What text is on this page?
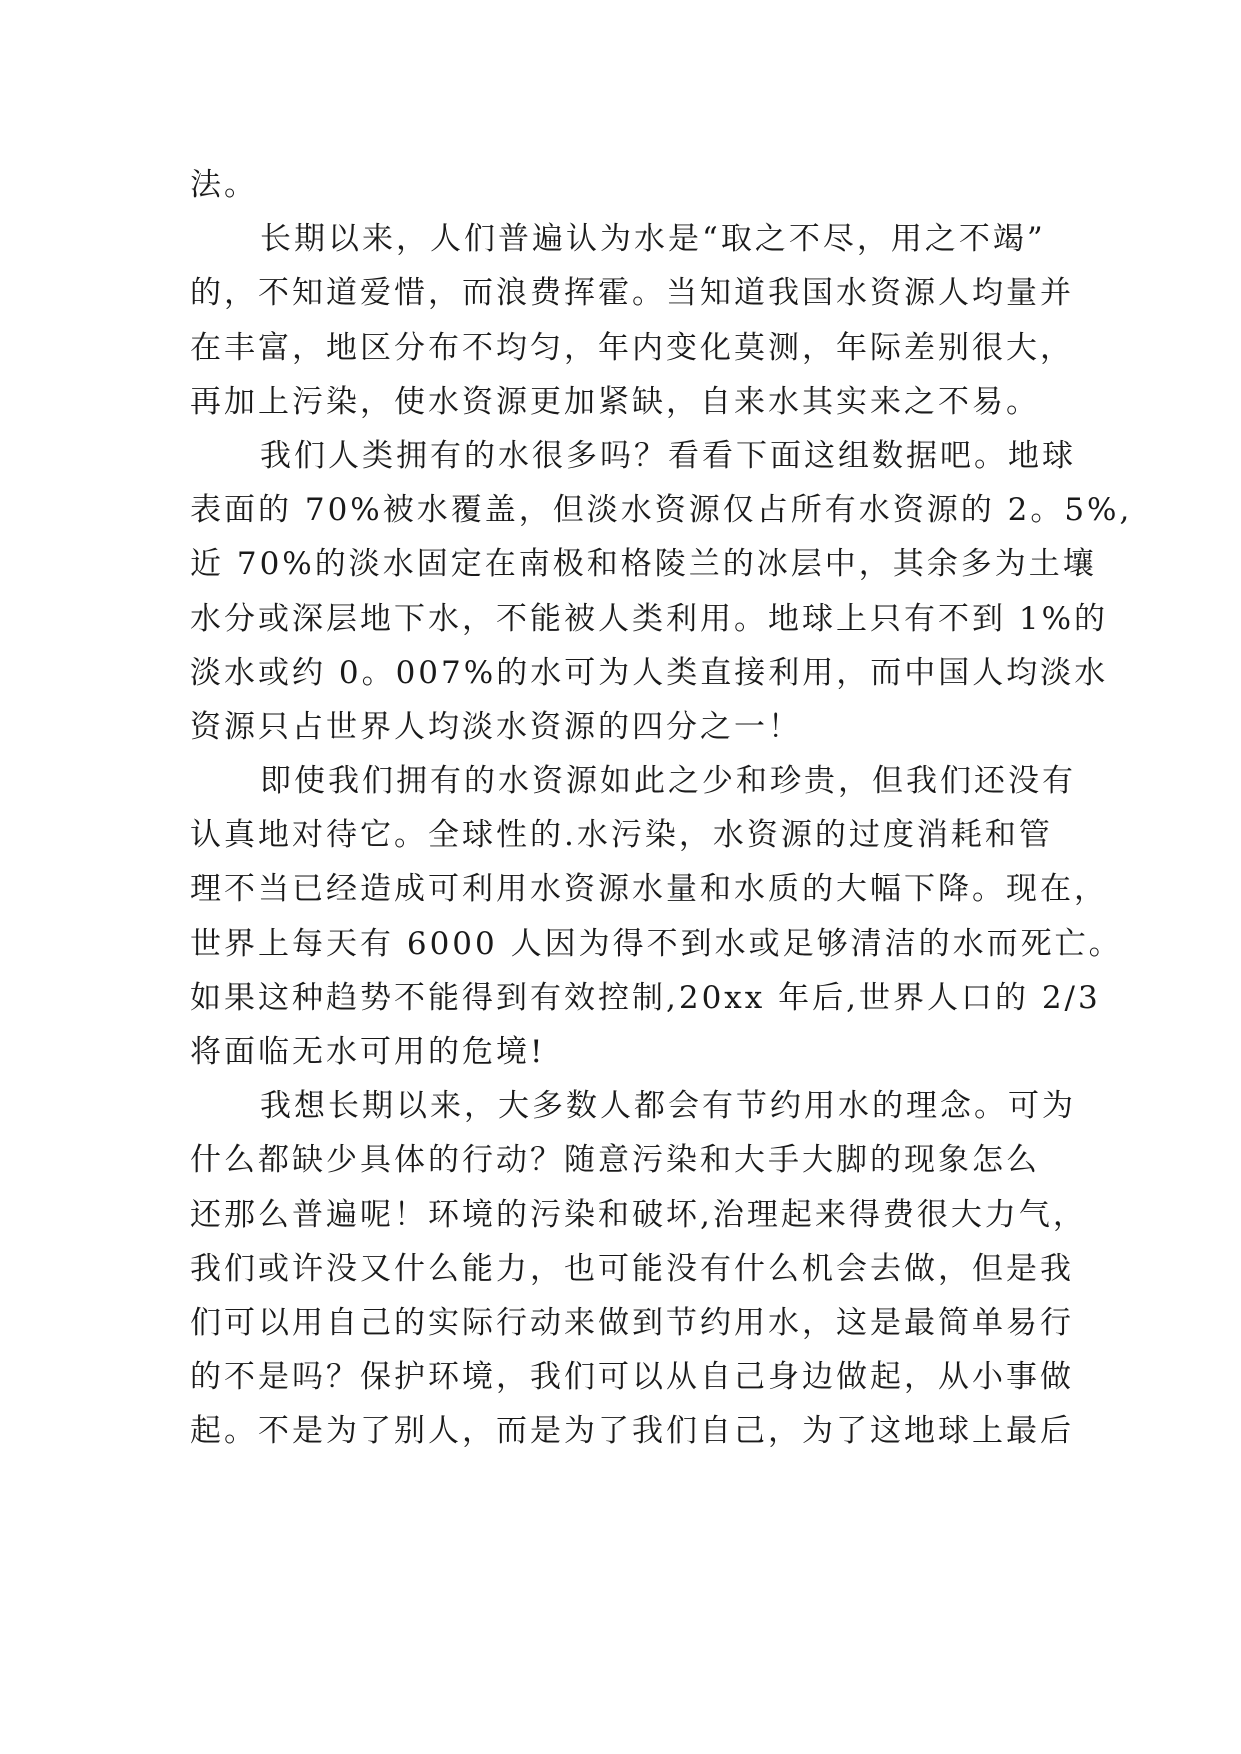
法。
长期以来，人们普遍认为水是“取之不尽，用之不竭”
的，不知道爱惜，而浪费挥霍。当知道我国水资源人均量并
在丰富，地区分布不均匀，年内变化莫测，年际差别很大，
再加上污染，使水资源更加紧缺，自来水其实来之不易。
我们人类拥有的水很多吗？看看下面这组数据吧。地球
表面的 70%被水覆盖，但淡水资源仅占所有水资源的 2。5%,
近 70%的淡水固定在南极和格陵兰的冰层中，其余多为土壤
水分或深层地下水，不能被人类利用。地球上只有不到 1%的
淡水或约 0。007%的水可为人类直接利用，而中国人均淡水
资源只占世界人均淡水资源的四分之一！
即使我们拥有的水资源如此之少和珍贵，但我们还没有
认真地对待它。全球性的.水污染，水资源的过度消耗和管
理不当已经造成可利用水资源水量和水质的大幅下降。现在，
世界上每天有 6000 人因为得不到水或足够清洁的水而死亡。
如果这种趋势不能得到有效控制,20xx 年后,世界人口的 2/3
将面临无水可用的危境!
我想长期以来，大多数人都会有节约用水的理念。可为
什么都缺少具体的行动？随意污染和大手大脚的现象怎么
还那么普遍呢！环境的污染和破坏,治理起来得费很大力气，
我们或许没又什么能力，也可能没有什么机会去做，但是我
们可以用自己的实际行动来做到节约用水，这是最简单易行
的不是吗？保护环境，我们可以从自己身边做起，从小事做
起。不是为了别人，而是为了我们自己，为了这地球上最后
